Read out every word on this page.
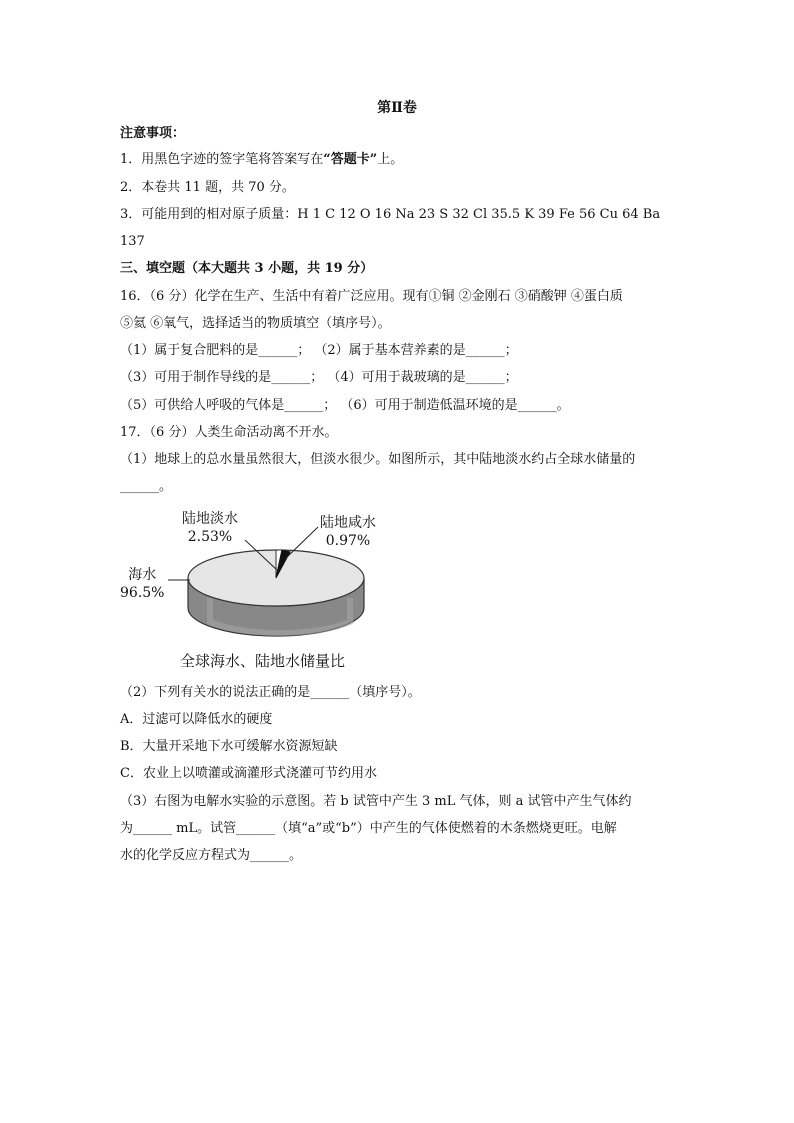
第Ⅱ卷
注意事项：
1．用黑色字迹的签字笔将答案写在“答题卡”上。
2．本卷共 11 题，共 70 分。
3．可能用到的相对原子质量：H 1 C 12 O 16 Na 23 S 32 Cl 35.5 K 39 Fe 56 Cu 64 Ba
137
三、填空题（本大题共 3 小题，共 19 分）
16．（6 分）化学在生产、生活中有着广泛应用。现有①铜 ②金刚石 ③硝酸钾 ④蛋白质
⑤氦 ⑥氧气，选择适当的物质填空（填序号）。
（1）属于复合肥料的是______； （2）属于基本营养素的是______；
（3）可用于制作导线的是______； （4）可用于裁玻璃的是______；
（5）可供给人呼吸的气体是______； （6）可用于制造低温环境的是______。
17．（6 分）人类生命活动离不开水。
（1）地球上的总水量虽然很大，但淡水很少。如图所示，其中陆地淡水约占全球水储量的
______。
陆地淡水
2.53%
陆地咸水
0.97%
海水
96.5%
全球海水、陆地水储量比
（2）下列有关水的说法正确的是______（填序号）。
A．过滤可以降低水的硬度
B．大量开采地下水可缓解水资源短缺
C．农业上以喷灌或滴灌形式浇灌可节约用水
（3）右图为电解水实验的示意图。若 b 试管中产生 3 mL 气体，则 a 试管中产生气体约
为______ mL。试管______（填“a”或“b”）中产生的气体使燃着的木条燃烧更旺。电解
水的化学反应方程式为______。
